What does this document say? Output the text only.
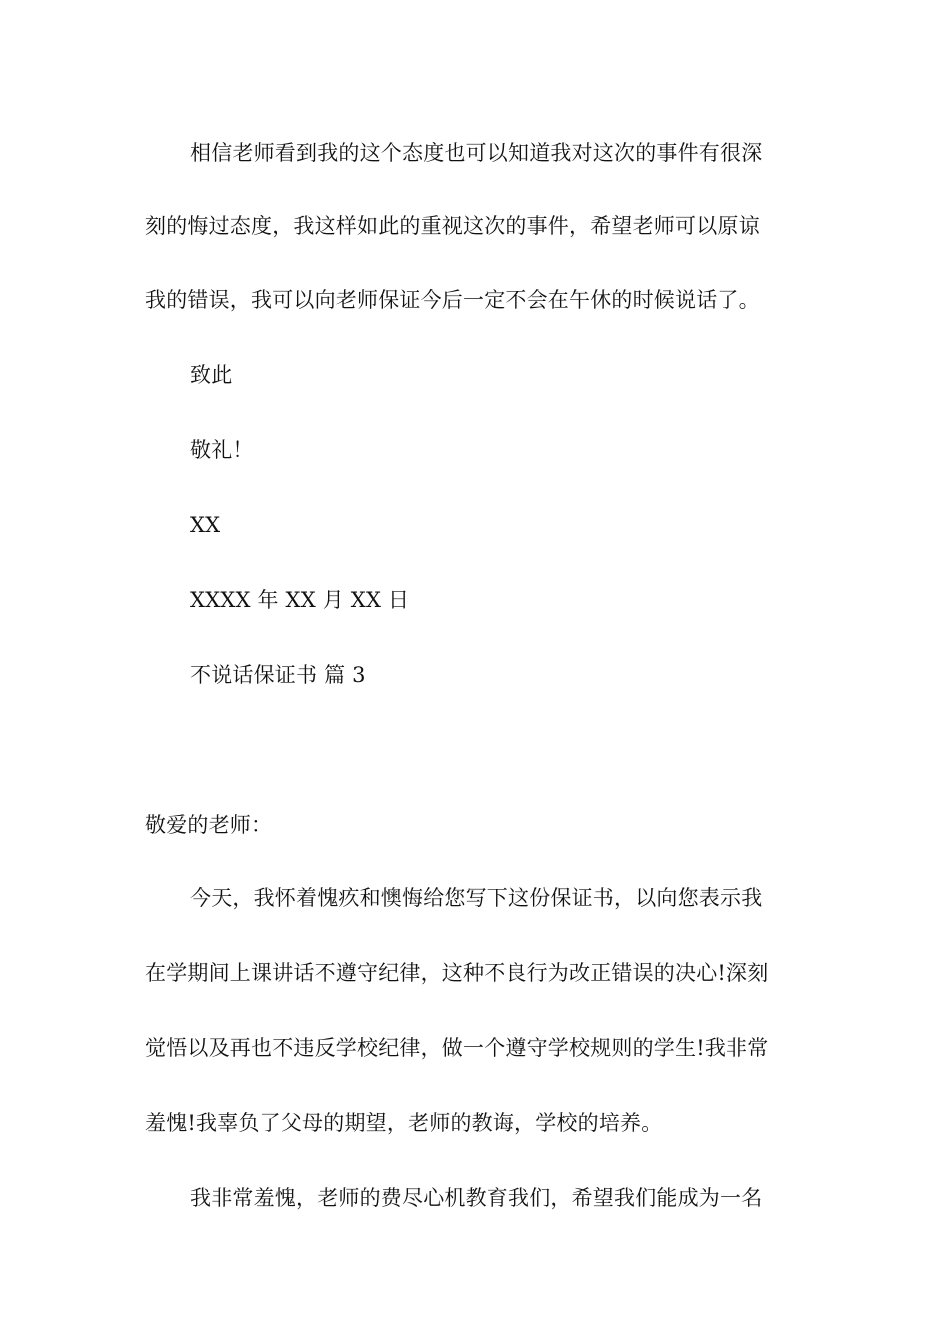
相信老师看到我的这个态度也可以知道我对这次的事件有很深
刻的悔过态度，我这样如此的重视这次的事件，希望老师可以原谅
我的错误，我可以向老师保证今后一定不会在午休的时候说话了。
致此
敬礼！
XX
XXXX 年 XX 月 XX 日
不说话保证书 篇 3
敬爱的老师：
今天，我怀着愧疚和懊悔给您写下这份保证书，以向您表示我
在学期间上课讲话不遵守纪律，这种不良行为改正错误的决心!深刻
觉悟以及再也不违反学校纪律，做一个遵守学校规则的学生!我非常
羞愧!我辜负了父母的期望，老师的教诲，学校的培养。
我非常羞愧，老师的费尽心机教育我们，希望我们能成为一名
